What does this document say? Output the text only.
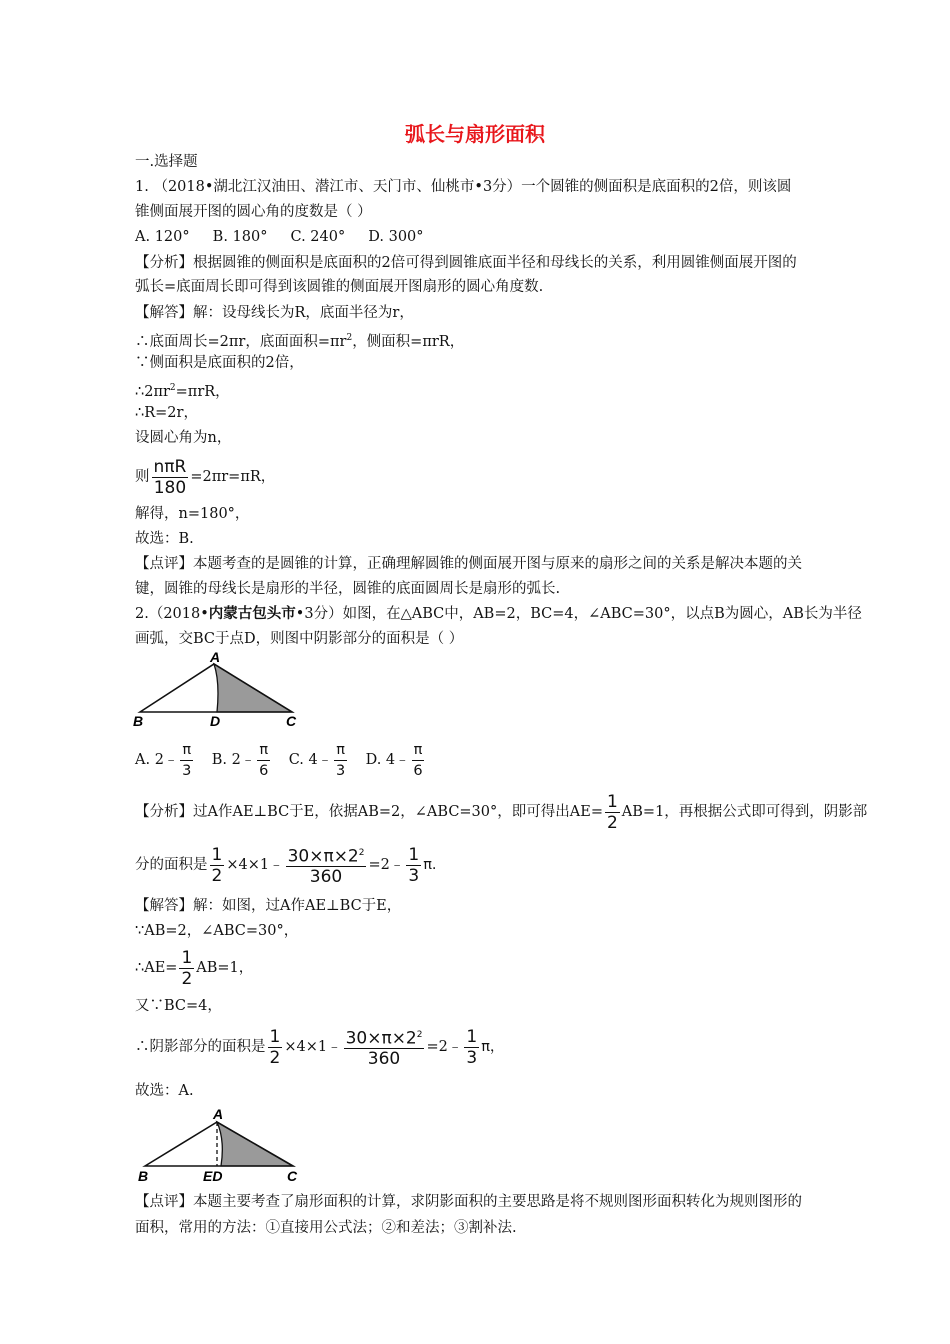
弧长与扇形面积
一.选择题
1. （2018•湖北江汉油田、潜江市、天门市、仙桃市•3分）一个圆锥的侧面积是底面积的2倍，则该圆
锥侧面展开图的圆心角的度数是（ ）
A. 120°     B. 180°     C. 240°     D. 300°
【分析】根据圆锥的侧面积是底面积的2倍可得到圆锥底面半径和母线长的关系，利用圆锥侧面展开图的
弧长=底面周长即可得到该圆锥的侧面展开图扇形的圆心角度数.
【解答】解：设母线长为R，底面半径为r，
∴底面周长=2πr，底面面积$=\pi r^2$，侧面积=πrR，
∵侧面积是底面积的2倍，
$\therefore 2\pi r^2=\pi rR$，
∴R=2r，
设圆心角为n，
则 $\frac{\text{nπR}}{180} =2\pi r=\pi R$，
解得，n=180°，
故选：B.
【点评】本题考查的是圆锥的计算，正确理解圆锥的侧面展开图与原来的扇形之间的关系是解决本题的关
键，圆锥的母线长是扇形的半径，圆锥的底面圆周长是扇形的弧长.
2.（2018•内蒙古包头市•3分）如图，在△ABC中，AB=2，BC=4，∠ABC=30°，以点B为圆心，AB长为半径
画弧，交BC于点D，则图中阴影部分的面积是（ ）
A
B	D	C
A. 2﹣ $\frac{\pi}{3} B$. 2﹣ $\frac{\pi}{6} C$. 4﹣ $\frac{\pi}{3} D$. 4﹣ $\frac{\pi}{6}$
【分析】过A作AE⊥BC于E，依据AB=2，∠ABC=30°，即可得出$AE= \frac{1}{2} AB=1$，再根据公式即可得到，阴影部
分的面积是 $\frac{1}{2}$ ×4×1﹣ $\frac{30\times\pi\times 2^2}{360}$ =2﹣ $\frac{1}{3} \pi$.
【解答】解：如图，过A作AE⊥BC于E，
∵AB=2，∠ABC=30°，
∴AE= $\frac{1}{2} AB=1$，
又∵BC=4，
∴阴影部分的面积是 $\frac{1}{2}$ ×4×1﹣ $\frac{30\times\pi\times 2^2}{360}$ =2﹣ $\frac{1}{3}$ π，
故选：A.
A
B	ED	C
【点评】本题主要考查了扇形面积的计算，求阴影面积的主要思路是将不规则图形面积转化为规则图形的
面积，常用的方法：①直接用公式法；②和差法；③割补法.
